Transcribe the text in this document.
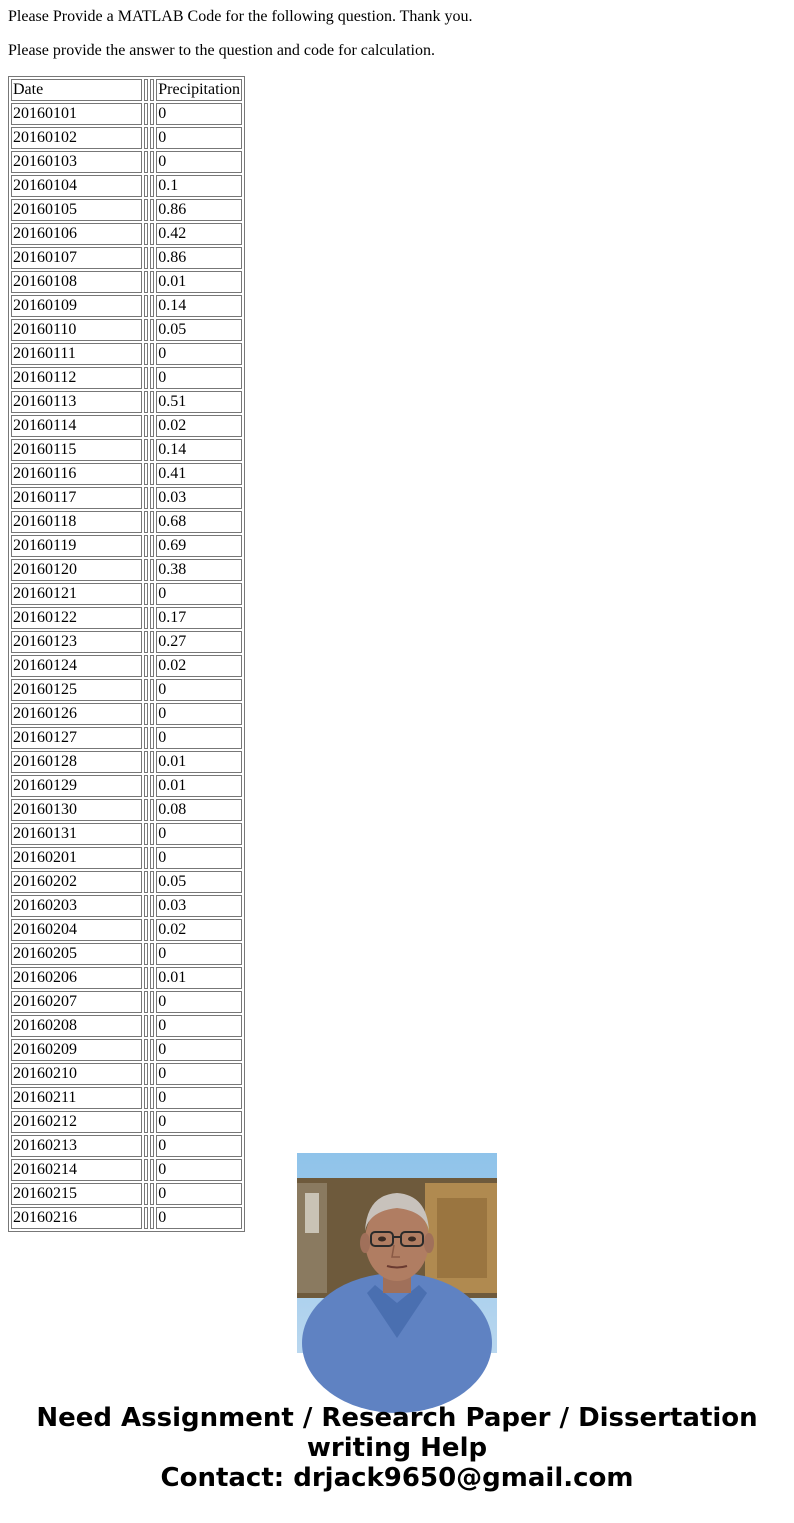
Please Provide a MATLAB Code for the following question. Thank you.

Please provide the answer to the question and code for calculation.

Date			Precipitation
20160101			0
20160102			0
20160103			0
20160104			0.1
20160105			0.86
20160106			0.42
20160107			0.86
20160108			0.01
20160109			0.14
20160110			0.05
20160111			0
20160112			0
20160113			0.51
20160114			0.02
20160115			0.14
20160116			0.41
20160117			0.03
20160118			0.68
20160119			0.69
20160120			0.38
20160121			0
20160122			0.17
20160123			0.27
20160124			0.02
20160125			0
20160126			0
20160127			0
20160128			0.01
20160129			0.01
20160130			0.08
20160131			0
20160201			0
20160202			0.05
20160203			0.03
20160204			0.02
20160205			0
20160206			0.01
20160207			0
20160208			0
20160209			0
20160210			0
20160211			0
20160212			0
20160213			0
20160214			0
20160215			0
20160216			0
Need Assignment / Research Paper / Dissertation
writing Help
Contact: drjack9650@gmail.com
